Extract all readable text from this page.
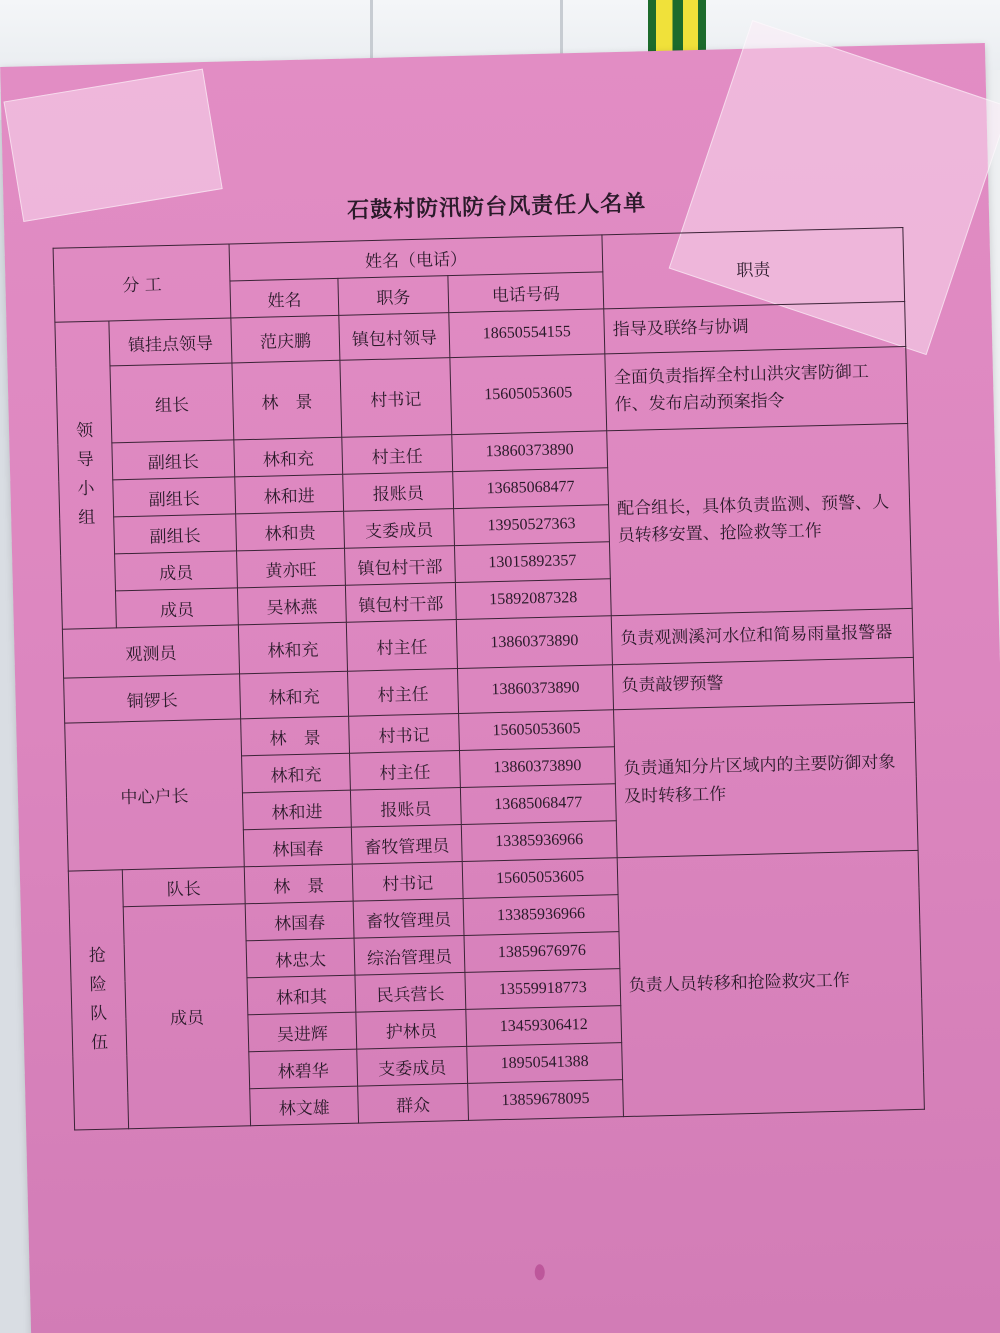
石鼓村防汛防台风责任人名单
分 工		姓名（电话）			职责
		姓名	职务	电话号码	

领
导
小
组	镇挂点领导	范庆鹏	镇包村领导	18650554155	指导及联络与协调
	组长	林　景	村书记	15605053605	全面负责指挥全村山洪灾害防御工作、发布启动预案指令
	副组长	林和充	村主任	13860373890	配合组长，具体负责监测、预警、人员转移安置、抢险救等工作
	副组长	林和进	报账员	13685068477	
	副组长	林和贵	支委成员	13950527363	
	成员	黄亦旺	镇包村干部	13015892357	
	成员	吴林燕	镇包村干部	15892087328	
观测员		林和充	村主任	13860373890	负责观测溪河水位和简易雨量报警器
铜锣长		林和充	村主任	13860373890	负责敲锣预警
中心户长		林　景	村书记	15605053605	负责通知分片区域内的主要防御对象及时转移工作
		林和充	村主任	13860373890	
		林和进	报账员	13685068477	
		林国春	畜牧管理员	13385936966	

抢
险
队
伍	队长	林　景	村书记	15605053605	负责人员转移和抢险救灾工作
	成员	林国春	畜牧管理员	13385936966	
		林忠太	综治管理员	13859676976	
		林和其	民兵营长	13559918773	
		吴进辉	护林员	13459306412	
		林碧华	支委成员	18950541388	
		林文雄	群众	13859678095	
